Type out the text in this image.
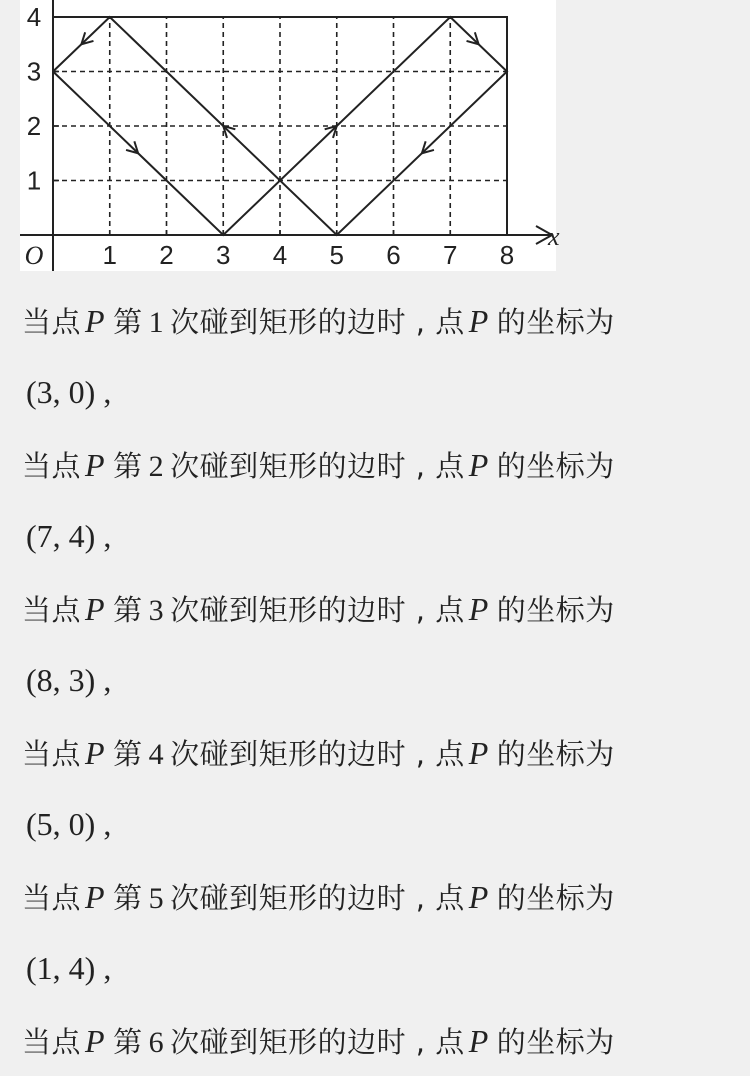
1 2 3 4 5 6 7 8
1
2
3
4
O
x
当点 P 第 1 次碰到矩形的边时 , 点 P 的坐标为
(3, 0) ,
当点 P 第 2 次碰到矩形的边时 , 点 P 的坐标为
(7, 4) ,
当点 P 第 3 次碰到矩形的边时 , 点 P 的坐标为
(8, 3) ,
当点 P 第 4 次碰到矩形的边时 , 点 P 的坐标为
(5, 0) ,
当点 P 第 5 次碰到矩形的边时 , 点 P 的坐标为
(1, 4) ,
当点 P 第 6 次碰到矩形的边时 , 点 P 的坐标为
